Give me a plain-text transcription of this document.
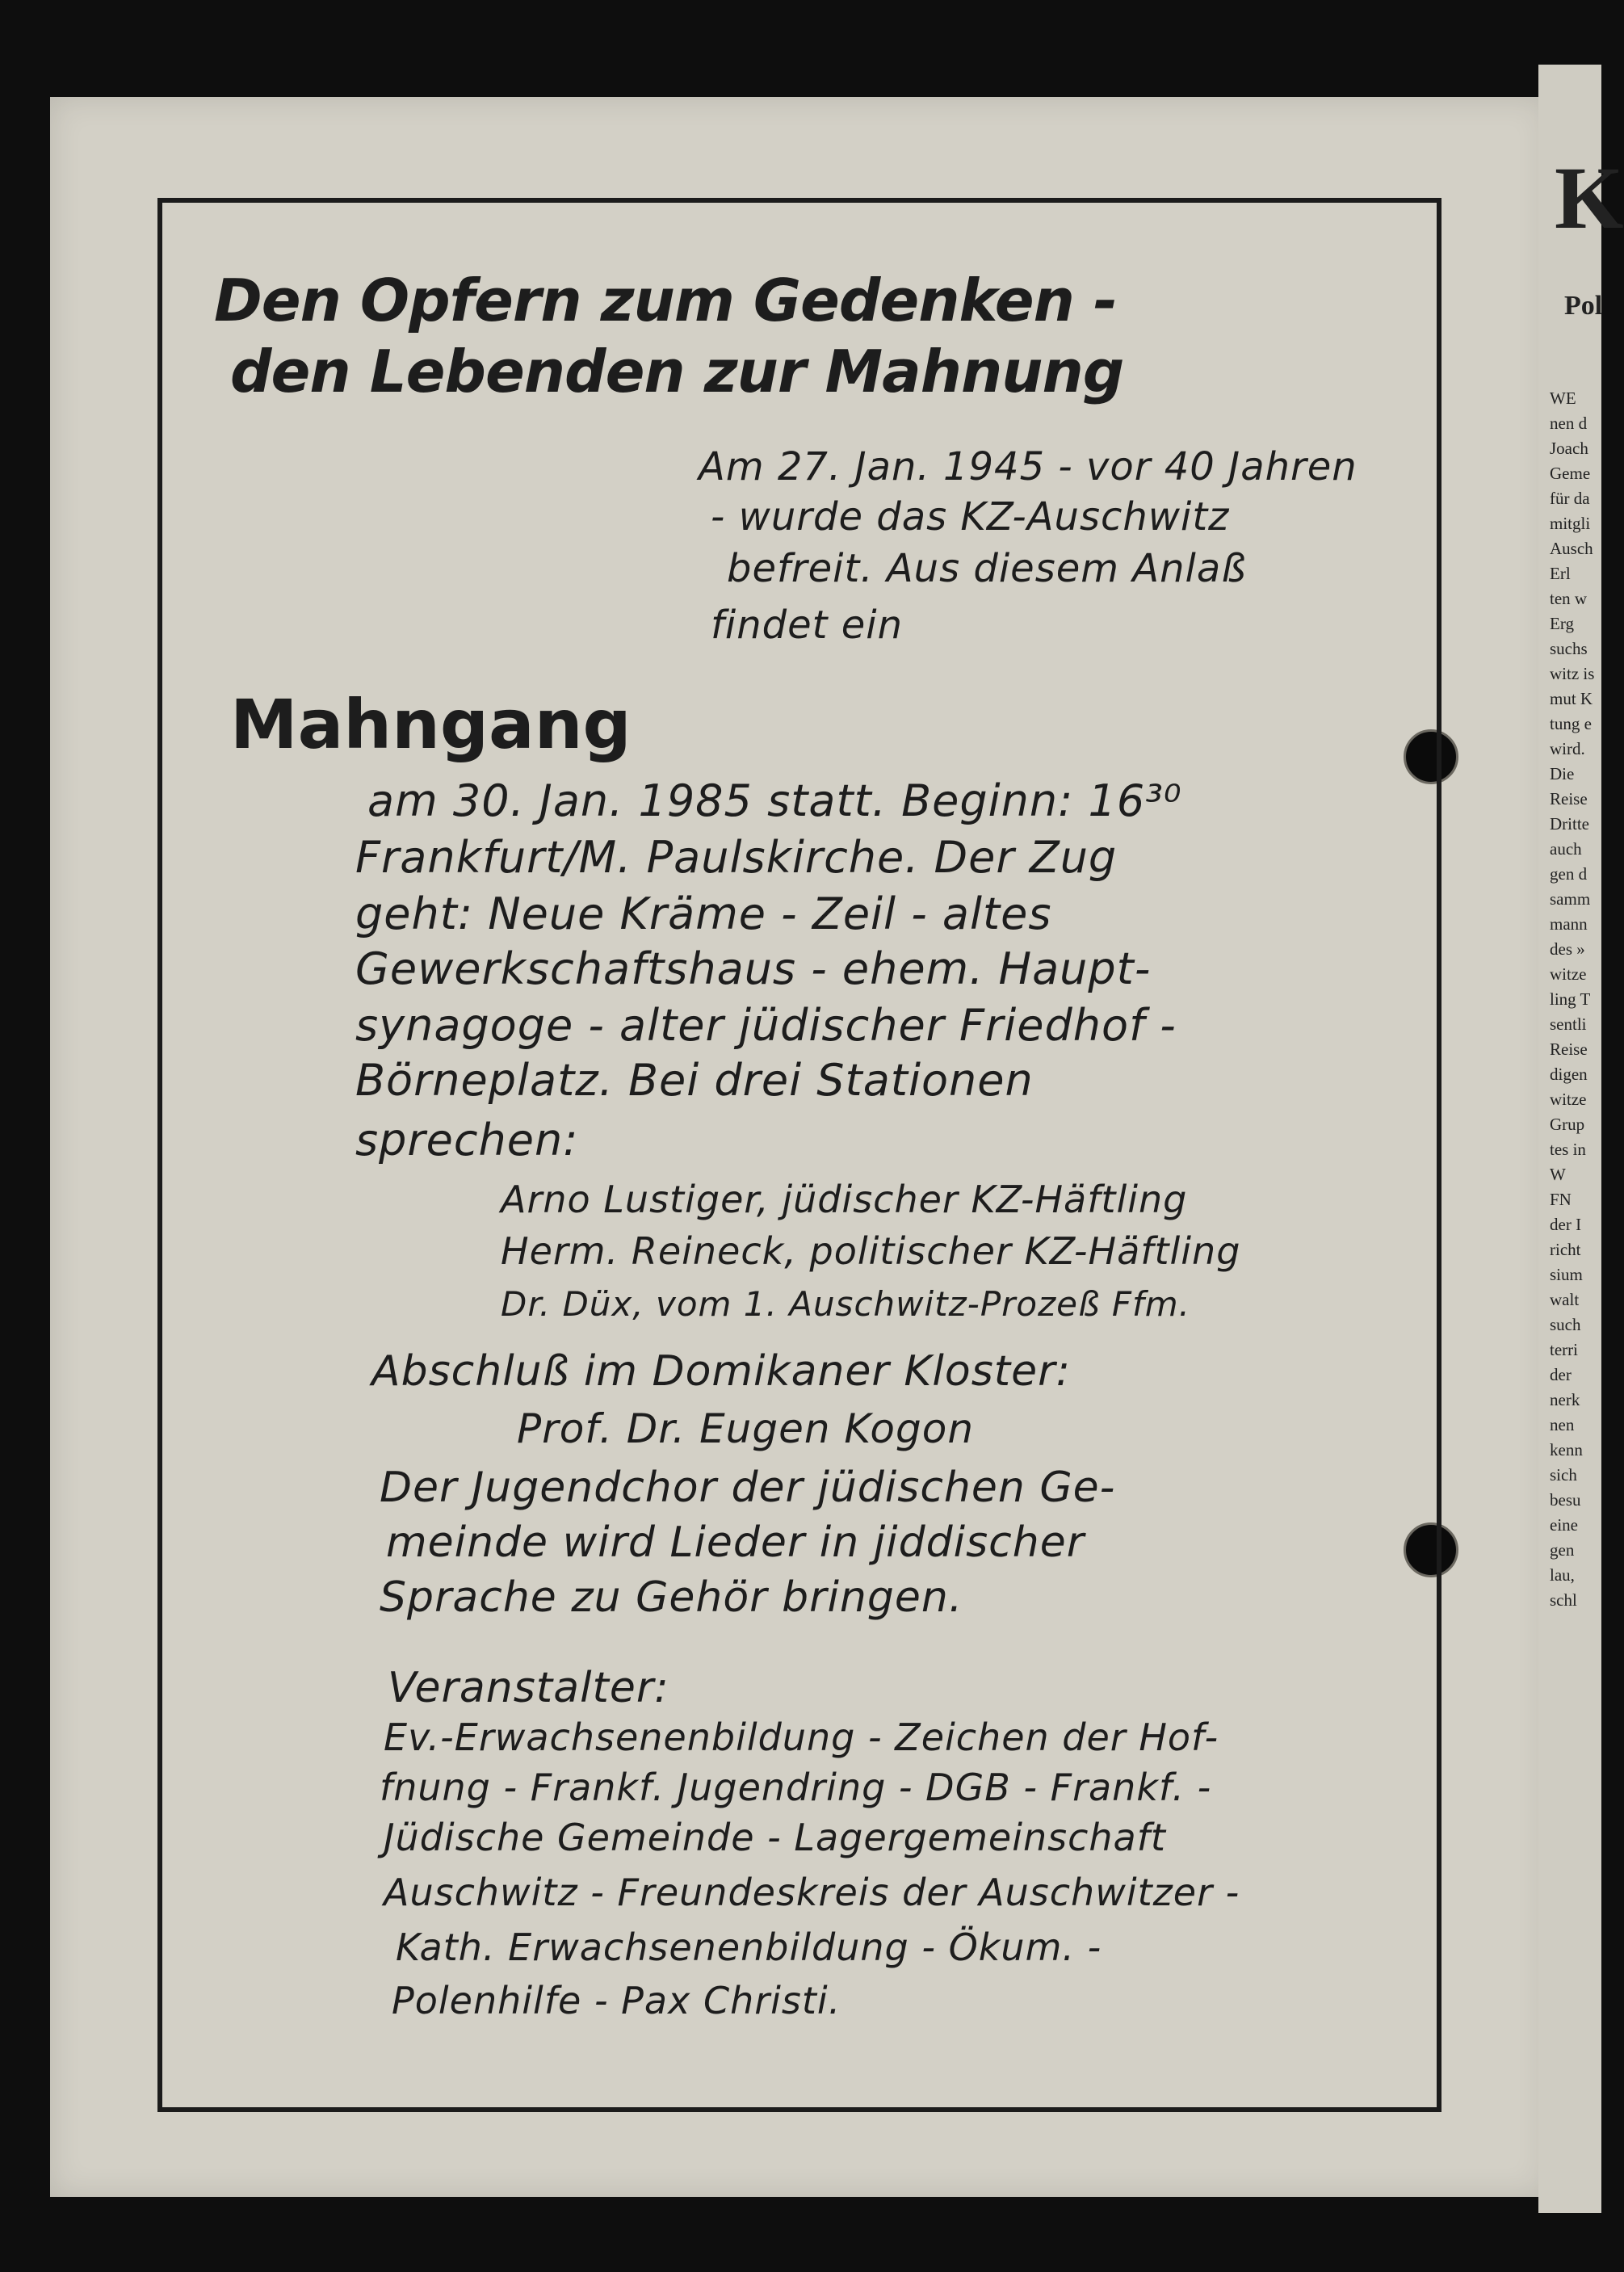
K
Pol
WE
nen d
Joach
Geme
für da
mitgli
Ausch
Erl
ten w
Erg
suchs
witz is
mut K
tung e
wird.
Die
Reise
Dritte
auch
gen d
samm
mann
des »
witze
ling T
sentli
Reise
digen
witze
Grup
tes in
W
FN
der I
richt
sium
walt
such
terri
der
nerk
nen
kenn
sich
besu
eine
gen
lau,
schl
Den Opfern zum Gedenken -
den Lebenden zur Mahnung
Am 27. Jan. 1945 - vor 40 Jahren
- wurde das KZ-Auschwitz
befreit. Aus diesem Anlaß
findet ein
Mahngang
am 30. Jan. 1985 statt. Beginn: 16³⁰
Frankfurt/M. Paulskirche. Der Zug
geht: Neue Kräme - Zeil - altes
Gewerkschaftshaus - ehem. Haupt-
synagoge - alter jüdischer Friedhof -
Börneplatz. Bei drei Stationen
sprechen:
Arno Lustiger, jüdischer KZ-Häftling
Herm. Reineck, politischer KZ-Häftling
Dr. Düx, vom 1. Auschwitz-Prozeß Ffm.
Abschluß im Domikaner Kloster:
Prof. Dr. Eugen Kogon
Der Jugendchor der jüdischen Ge-
meinde wird Lieder in jiddischer
Sprache zu Gehör bringen.
Veranstalter:
Ev.-Erwachsenenbildung - Zeichen der Hof-
fnung - Frankf. Jugendring - DGB - Frankf. -
Jüdische Gemeinde - Lagergemeinschaft
Auschwitz - Freundeskreis der Auschwitzer -
Kath. Erwachsenenbildung - Ökum. -
Polenhilfe - Pax Christi.
